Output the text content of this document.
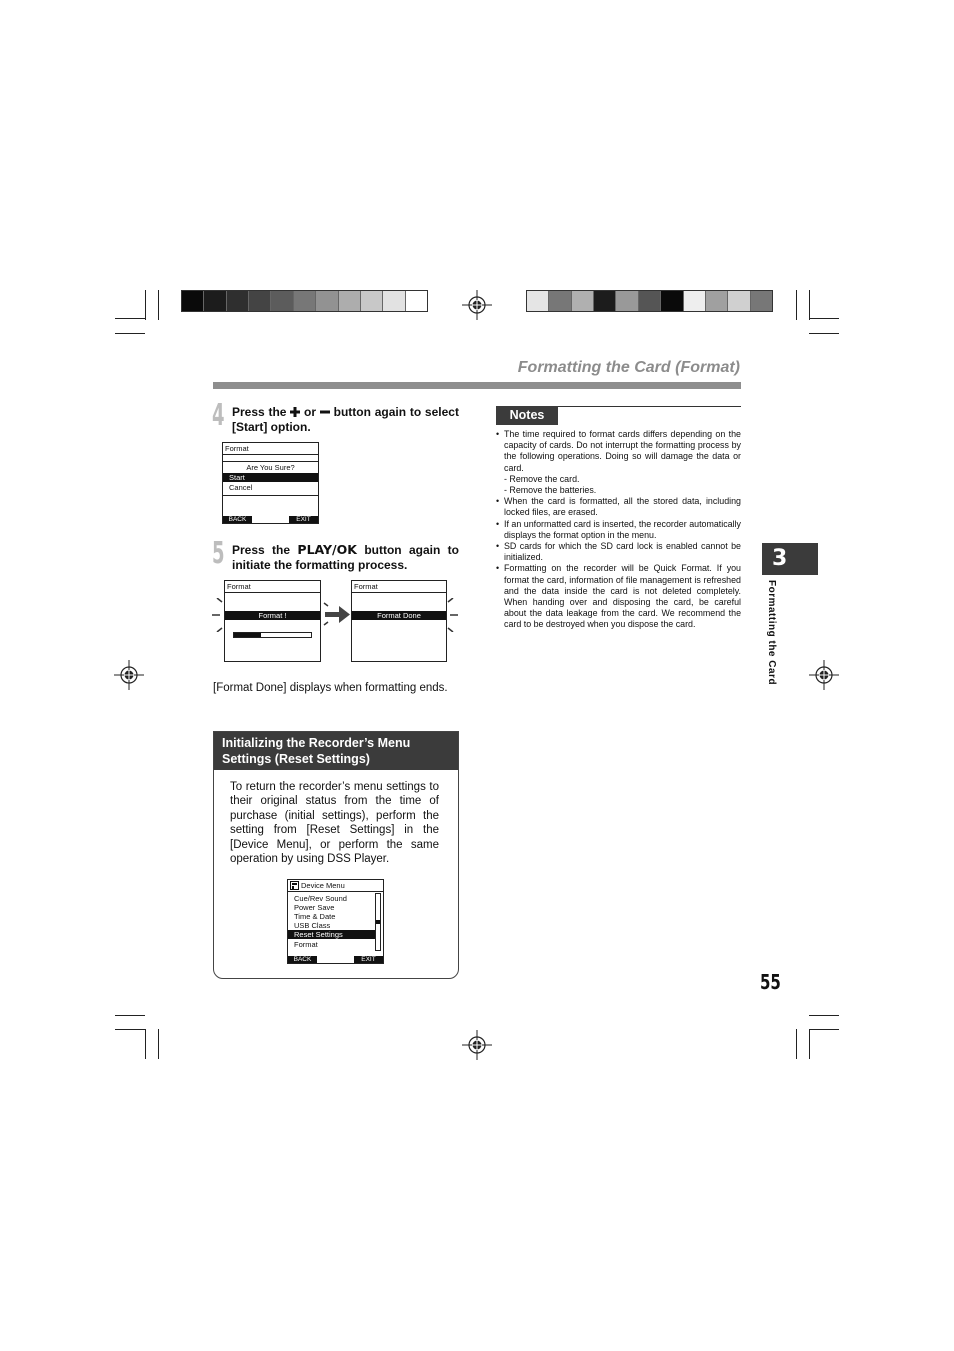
Formatting the Card (Format)
4 Press the or button again to select [Start] option.
Format
Are You Sure?
Start
Cancel
BACK	EXIT
5 Press the PLAY/OK button again to initiate the formatting process.
Format
Format !
Format
Format Done
[Format Done] displays when formatting ends.
Initializing the Recorder’s Menu Settings (Reset Settings)
To return the recorder’s menu settings to their original status from the time of purchase (initial settings), perform the setting from [Reset Settings] in the [Device Menu], or perform the same operation by using DSS Player.
Device Menu
Cue/Rev Sound
Power Save
Time & Date
USB Class
Reset Settings
Format
BACK	EXIT
Notes
• The time required to format cards differs depending on the capacity of cards. Do not interrupt the formatting process by the following operations. Doing so will damage the data or card.
- Remove the card.
- Remove the batteries.
• When the card is formatted, all the stored data, including locked files, are erased.
• If an unformatted card is inserted, the recorder automatically displays the format option in the menu.
• SD cards for which the SD card lock is enabled cannot be initialized.
• Formatting on the recorder will be Quick Format. If you format the card, information of file management is refreshed and the data inside the card is not deleted completely. When handing over and disposing the card, be careful about the data leakage from the card. We recommend the card to be destroyed when you dispose the card.
3
Formatting the Card
55
